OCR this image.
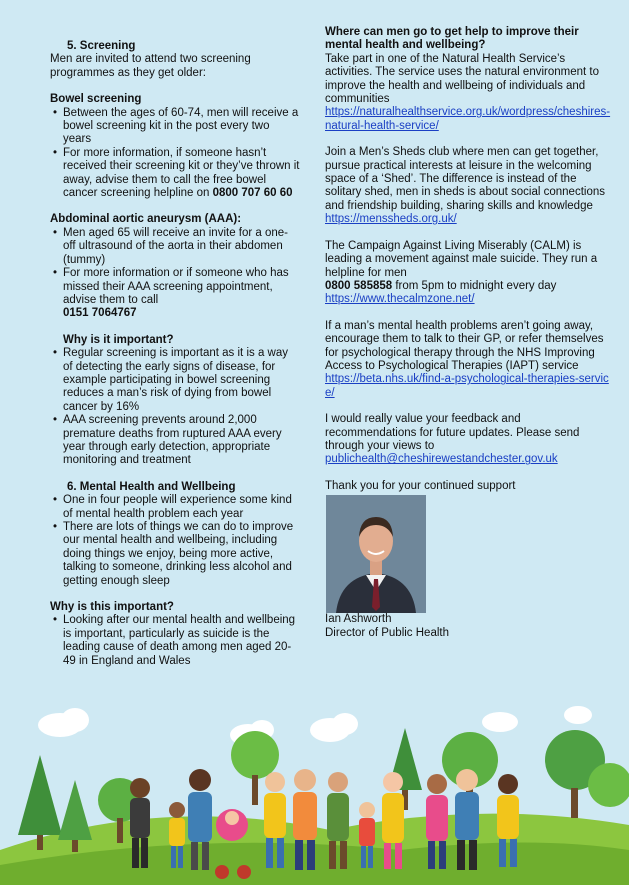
5. Screening
Men are invited to attend two screening programmes as they get older:
Bowel screening
• Between the ages of 60-74, men will receive a bowel screening kit in the post every two years
• For more information, if someone hasn’t received their screening kit or they’ve thrown it away, advise them to call the free bowel cancer screening helpline on 0800 707 60 60
Abdominal aortic aneurysm (AAA):
• Men aged 65 will receive an invite for a one-off ultrasound of the aorta in their abdomen (tummy)
• For more information or if someone who has missed their AAA screening appointment, advise them to call
0151 7064767
Why is it important?
• Regular screening is important as it is a way of detecting the early signs of disease, for example participating in bowel screening reduces a man’s risk of dying from bowel cancer by 16%
• AAA screening prevents around 2,000 premature deaths from ruptured AAA every year through early detection, appropriate monitoring and treatment
6. Mental Health and Wellbeing
• One in four people will experience some kind of mental health problem each year
• There are lots of things we can do to improve our mental health and wellbeing, including doing things we enjoy, being more active, talking to someone, drinking less alcohol and getting enough sleep
Why is this important?
• Looking after our mental health and wellbeing is important, particularly as suicide is the leading cause of death among men aged 20-49 in England and Wales
Where can men go to get help to improve their mental health and wellbeing?
Take part in one of the Natural Health Service’s activities. The service uses the natural environment to improve the health and wellbeing of individuals and communities
https://naturalhealthservice.org.uk/wordpress/cheshires-natural-health-service/
Join a Men’s Sheds club where men can get together, pursue practical interests at leisure in the welcoming space of a ‘Shed’. The difference is instead of the solitary shed, men in sheds is about social connections and friendship building, sharing skills and knowledge
https://menssheds.org.uk/
The Campaign Against Living Miserably (CALM) is leading a movement against male suicide. They run a helpline for men
0800 585858 from 5pm to midnight every day
https://www.thecalmzone.net/
If a man’s mental health problems aren’t going away, encourage them to talk to their GP, or refer themselves for psychological therapy through the NHS Improving Access to Psychological Therapies (IAPT) service
https://beta.nhs.uk/find-a-psychological-therapies-service/
I would really value your feedback and recommendations for future updates. Please send through your views to
publichealth@cheshirewestandchester.gov.uk
Thank you for your continued support
Ian Ashworth
Director of Public Health
